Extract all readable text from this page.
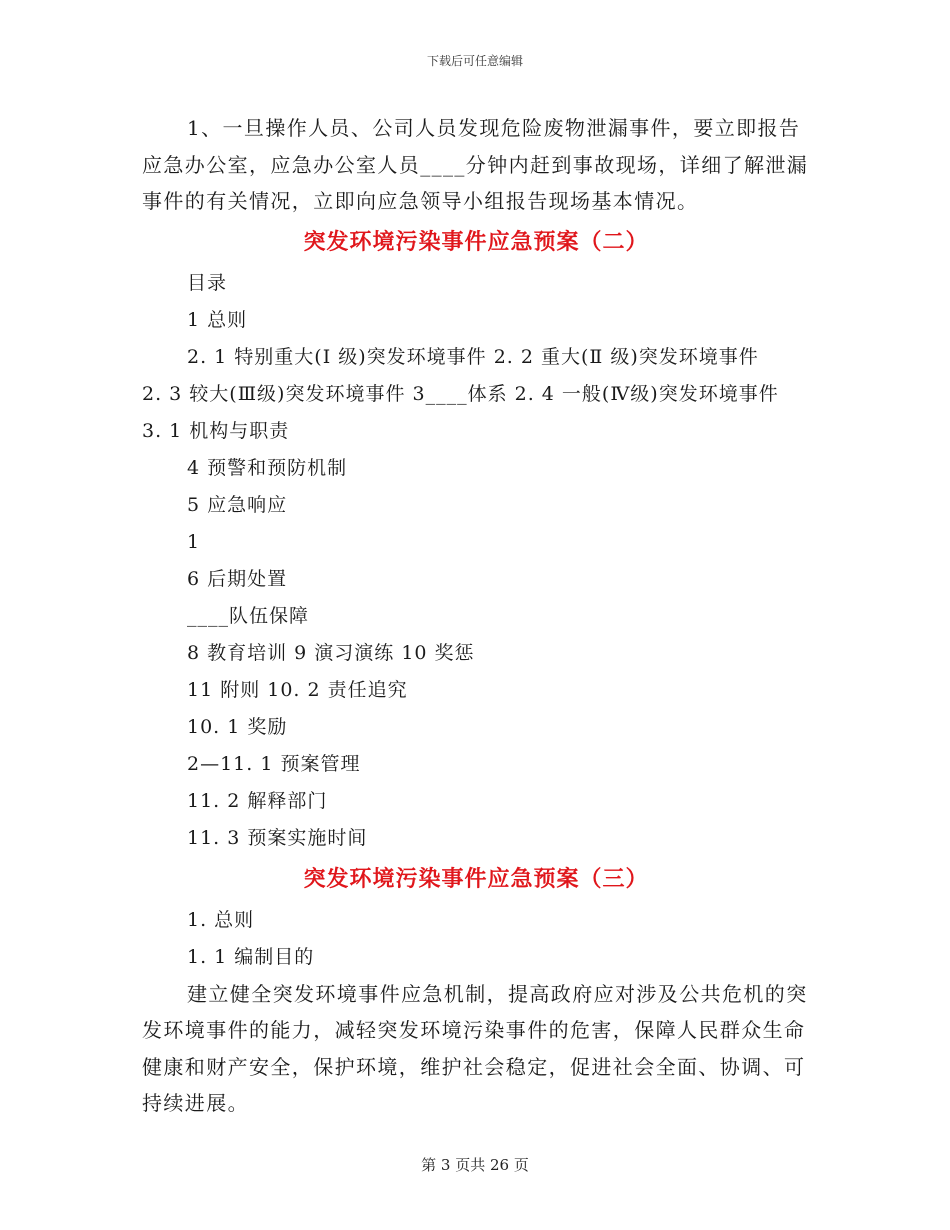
下载后可任意编辑

1、一旦操作人员、公司人员发现危险废物泄漏事件，要立即报告应急办公室，应急办公室人员____分钟内赶到事故现场，详细了解泄漏事件的有关情况，立即向应急领导小组报告现场基本情况。

突发环境污染事件应急预案（二）

目录

1 总则

2. 1 特别重大(Ⅰ 级)突发环境事件 2. 2 重大(Ⅱ 级)突发环境事件

2. 3 较大(Ⅲ级)突发环境事件 3____体系 2. 4 一般(Ⅳ级)突发环境事件

3. 1 机构与职责

4 预警和预防机制

5 应急响应

1

6 后期处置

____队伍保障

8 教育培训 9 演习演练 10 奖惩

11 附则 10. 2 责任追究

10. 1 奖励

2—11. 1 预案管理

11. 2 解释部门

11. 3 预案实施时间

突发环境污染事件应急预案（三）

1. 总则

1. 1 编制目的

建立健全突发环境事件应急机制，提高政府应对涉及公共危机的突发环境事件的能力，减轻突发环境污染事件的危害，保障人民群众生命健康和财产安全，保护环境，维护社会稳定，促进社会全面、协调、可持续进展。

第 3 页共 26 页
